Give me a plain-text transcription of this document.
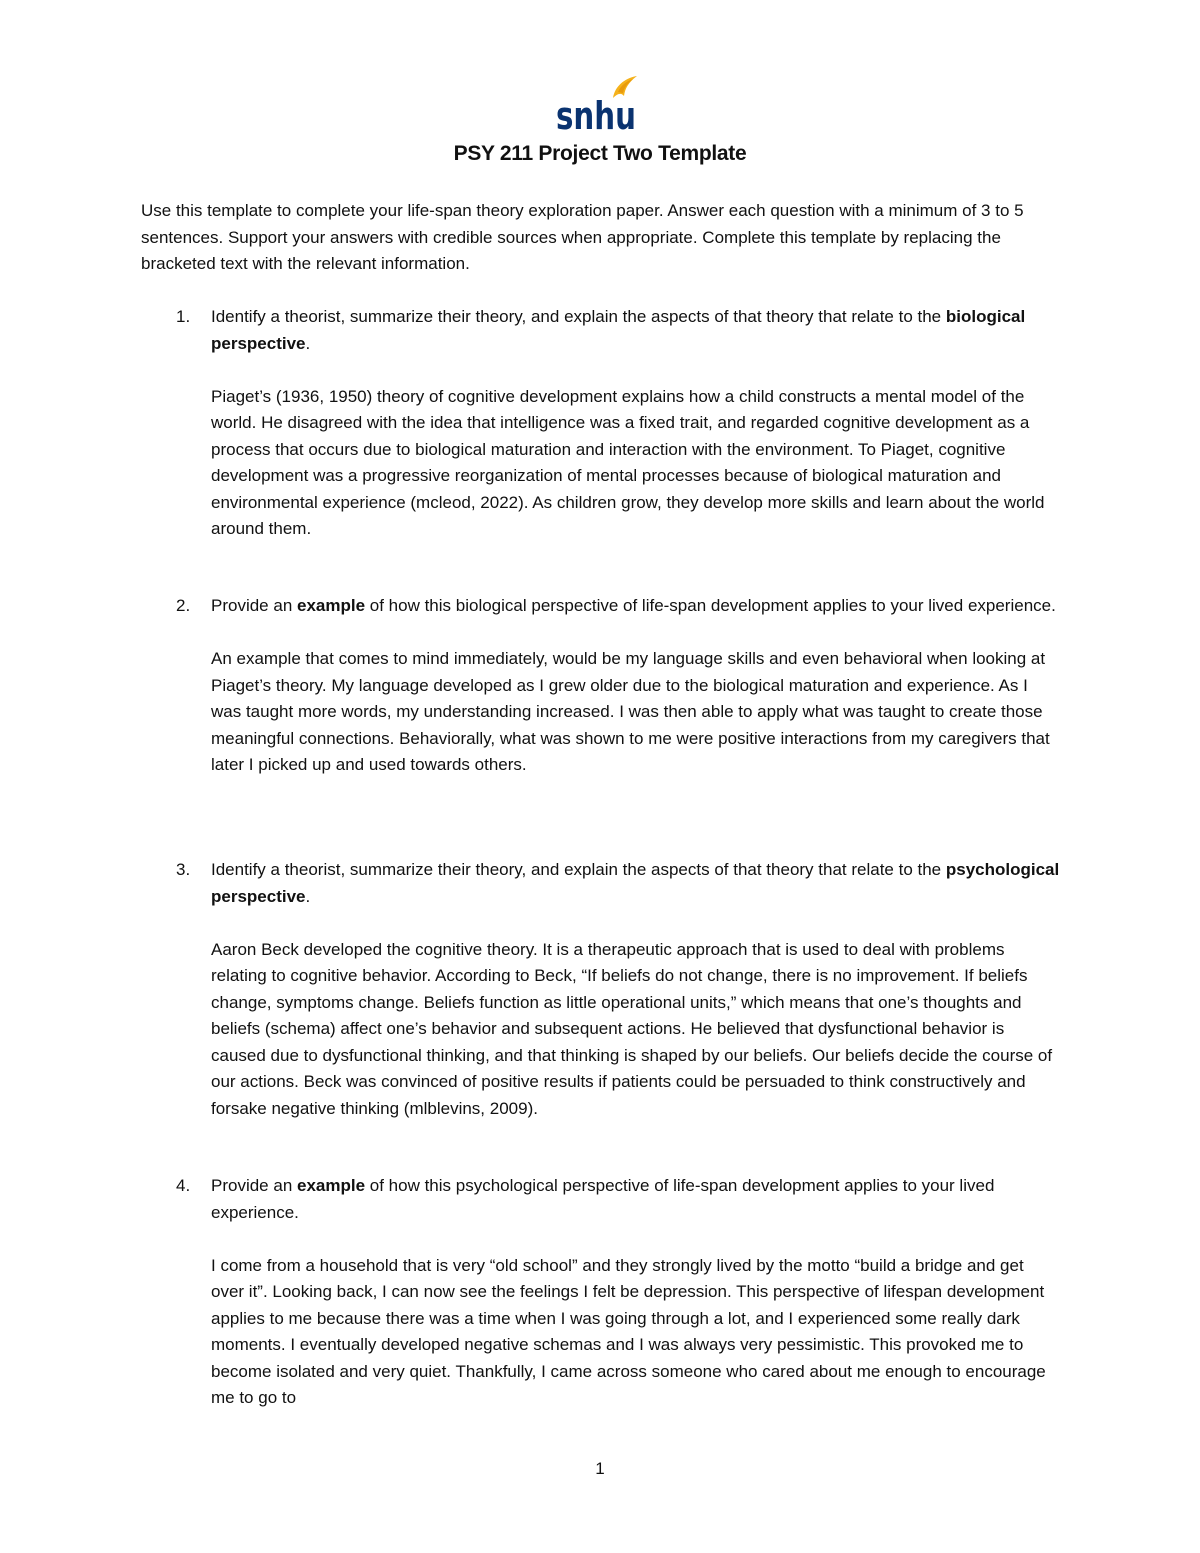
snhu
PSY 211 Project Two Template

Use this template to complete your life-span theory exploration paper. Answer each question with a minimum of 3 to 5 sentences. Support your answers with credible sources when appropriate. Complete this template by replacing the bracketed text with the relevant information.

1. Identify a theorist, summarize their theory, and explain the aspects of that theory that relate to the biological perspective.

Piaget’s (1936, 1950) theory of cognitive development explains how a child constructs a mental model of the world. He disagreed with the idea that intelligence was a fixed trait, and regarded cognitive development as a process that occurs due to biological maturation and interaction with the environment. To Piaget, cognitive development was a progressive reorganization of mental processes because of biological maturation and environmental experience (mcleod, 2022). As children grow, they develop more skills and learn about the world around them.

2. Provide an example of how this biological perspective of life-span development applies to your lived experience.

An example that comes to mind immediately, would be my language skills and even behavioral when looking at Piaget’s theory. My language developed as I grew older due to the biological maturation and experience. As I was taught more words, my understanding increased. I was then able to apply what was taught to create those meaningful connections. Behaviorally, what was shown to me were positive interactions from my caregivers that later I picked up and used towards others.

3. Identify a theorist, summarize their theory, and explain the aspects of that theory that relate to the psychological perspective.

Aaron Beck developed the cognitive theory. It is a therapeutic approach that is used to deal with problems relating to cognitive behavior. According to Beck, “If beliefs do not change, there is no improvement. If beliefs change, symptoms change. Beliefs function as little operational units,” which means that one’s thoughts and beliefs (schema) affect one’s behavior and subsequent actions. He believed that dysfunctional behavior is caused due to dysfunctional thinking, and that thinking is shaped by our beliefs. Our beliefs decide the course of our actions. Beck was convinced of positive results if patients could be persuaded to think constructively and forsake negative thinking (mlblevins, 2009).

4. Provide an example of how this psychological perspective of life-span development applies to your lived experience.

I come from a household that is very “old school” and they strongly lived by the motto “build a bridge and get over it”. Looking back, I can now see the feelings I felt be depression. This perspective of lifespan development applies to me because there was a time when I was going through a lot, and I experienced some really dark moments. I eventually developed negative schemas and I was always very pessimistic. This provoked me to become isolated and very quiet. Thankfully, I came across someone who cared about me enough to encourage me to go to

1
